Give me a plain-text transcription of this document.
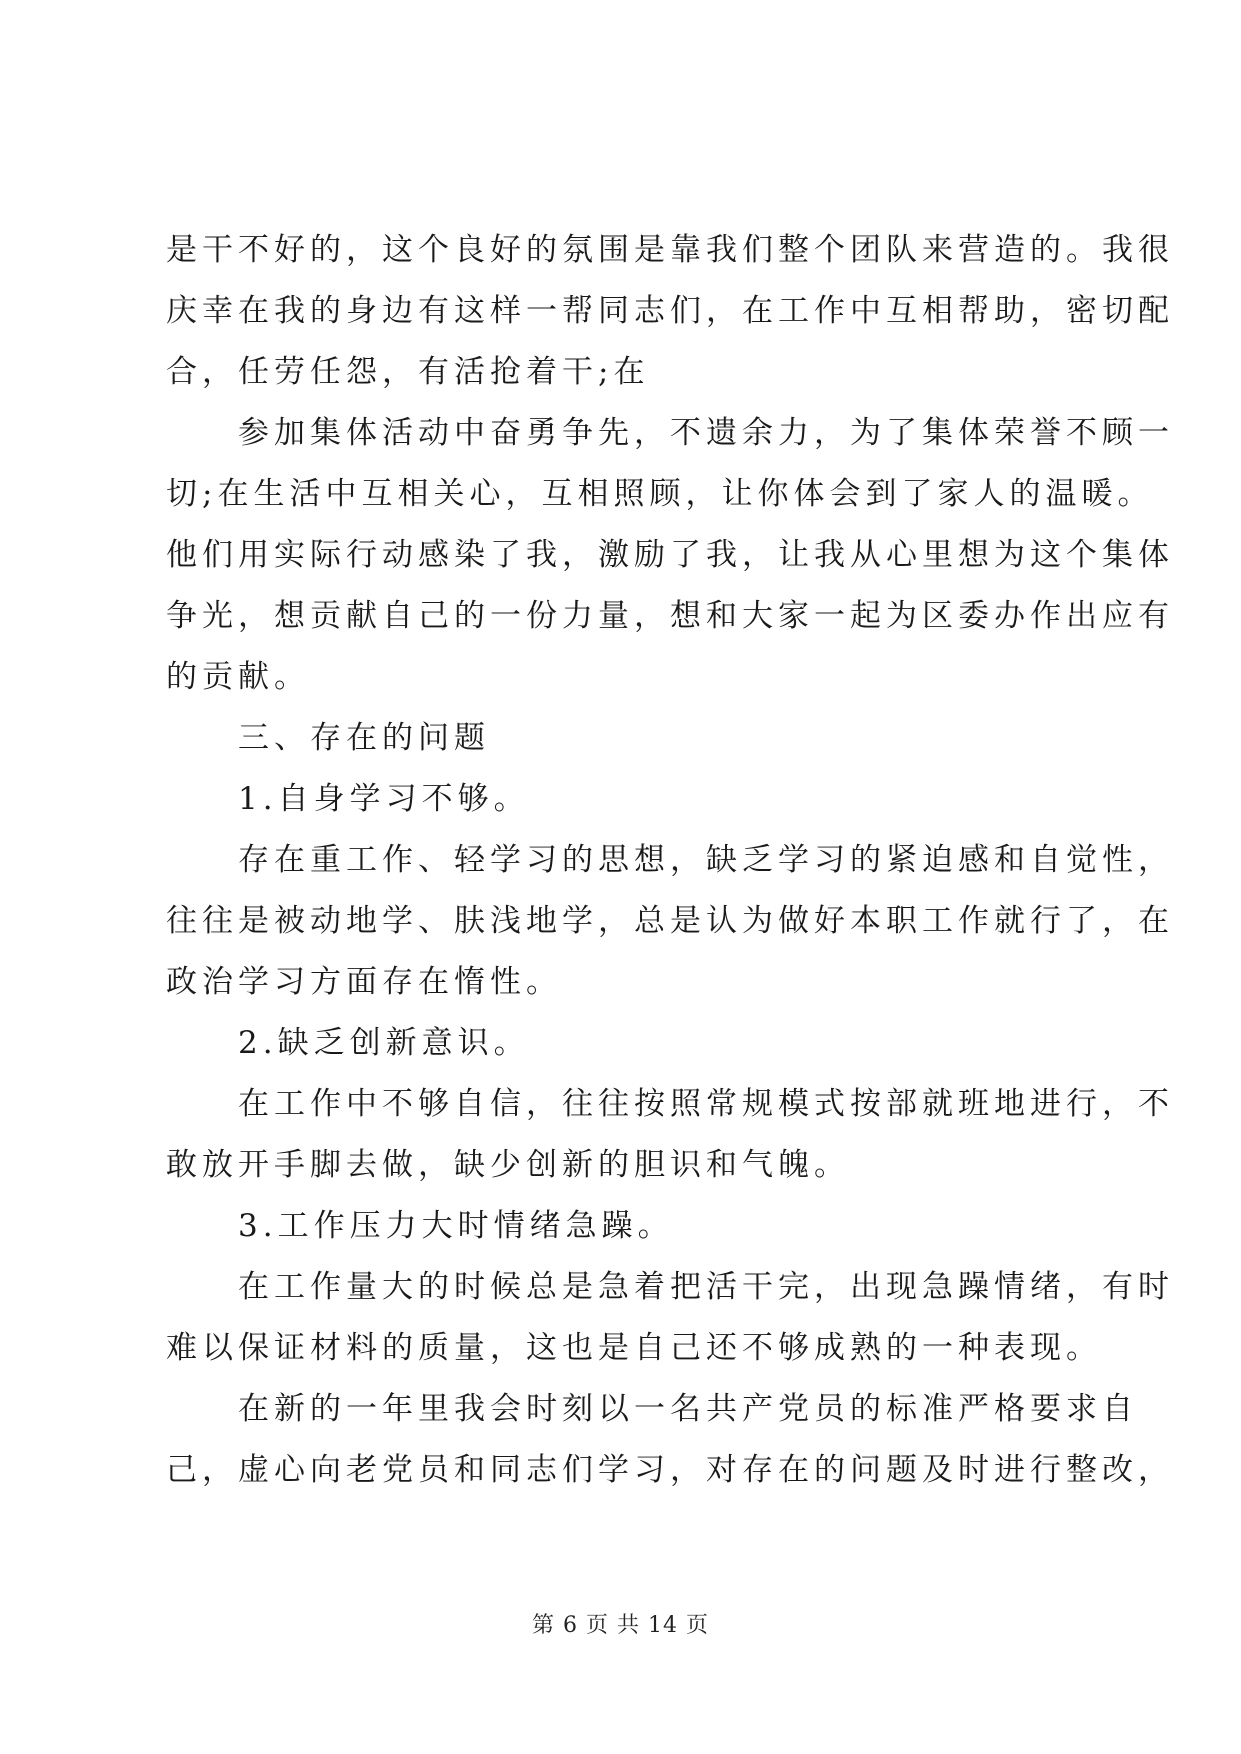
是干不好的，这个良好的氛围是靠我们整个团队来营造的。我很
庆幸在我的身边有这样一帮同志们，在工作中互相帮助，密切配
合，任劳任怨，有活抢着干;在
　　参加集体活动中奋勇争先，不遗余力，为了集体荣誉不顾一
切;在生活中互相关心，互相照顾，让你体会到了家人的温暖。
他们用实际行动感染了我，激励了我，让我从心里想为这个集体
争光，想贡献自己的一份力量，想和大家一起为区委办作出应有
的贡献。
　　三、存在的问题
　　1.自身学习不够。
　　存在重工作、轻学习的思想，缺乏学习的紧迫感和自觉性，
往往是被动地学、肤浅地学，总是认为做好本职工作就行了，在
政治学习方面存在惰性。
　　2.缺乏创新意识。
　　在工作中不够自信，往往按照常规模式按部就班地进行，不
敢放开手脚去做，缺少创新的胆识和气魄。
　　3.工作压力大时情绪急躁。
　　在工作量大的时候总是急着把活干完，出现急躁情绪，有时
难以保证材料的质量，这也是自己还不够成熟的一种表现。
　　在新的一年里我会时刻以一名共产党员的标准严格要求自
己，虚心向老党员和同志们学习，对存在的问题及时进行整改，
第 6 页 共 14 页
